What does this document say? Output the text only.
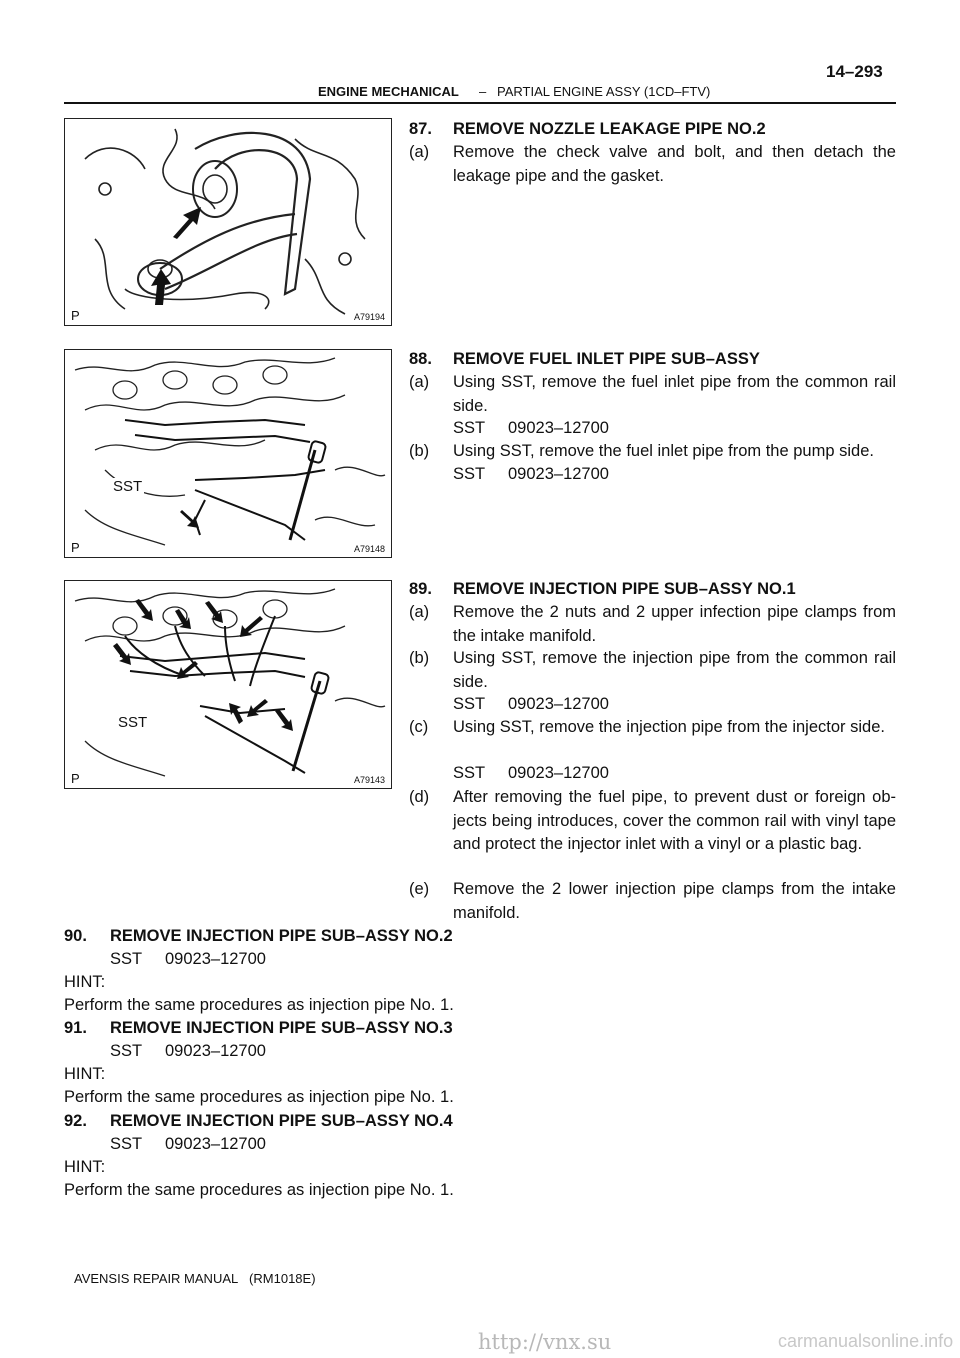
ENGINE MECHANICAL – PARTIAL ENGINE ASSY (1CD–FTV)
14–293
P	A79194
SST
P	A79148
SST
P	A79143
87. REMOVE NOZZLE LEAKAGE PIPE NO.2
(a) Remove the check valve and bolt, and then detach the leakage pipe and the gasket.
88. REMOVE FUEL INLET PIPE SUB–ASSY
(a) Using SST, remove the fuel inlet pipe from the common rail side.
SST     09023–12700
(b) Using SST, remove the fuel inlet pipe from the pump side.
SST     09023–12700
89. REMOVE INJECTION PIPE SUB–ASSY NO.1
(a) Remove the 2 nuts and 2 upper infection pipe clamps from the intake manifold.
(b) Using SST, remove the injection pipe from the common rail side.
SST     09023–12700
(c) Using SST, remove the injection pipe from the injector side.
SST     09023–12700
(d) After removing the fuel pipe, to prevent dust or foreign ob-jects being introduces, cover the common rail with vinyl tape and protect the injector inlet with a vinyl or a plastic bag.
(e) Remove the 2 lower injection pipe clamps from the intake manifold.
90. REMOVE INJECTION PIPE SUB–ASSY NO.2
SST     09023–12700
HINT:
Perform the same procedures as injection pipe No. 1.
91. REMOVE INJECTION PIPE SUB–ASSY NO.3
SST     09023–12700
HINT:
Perform the same procedures as injection pipe No. 1.
92. REMOVE INJECTION PIPE SUB–ASSY NO.4
SST     09023–12700
HINT:
Perform the same procedures as injection pipe No. 1.
AVENSIS REPAIR MANUAL   (RM1018E)
http://vnx.su	carmanualsonline.info
